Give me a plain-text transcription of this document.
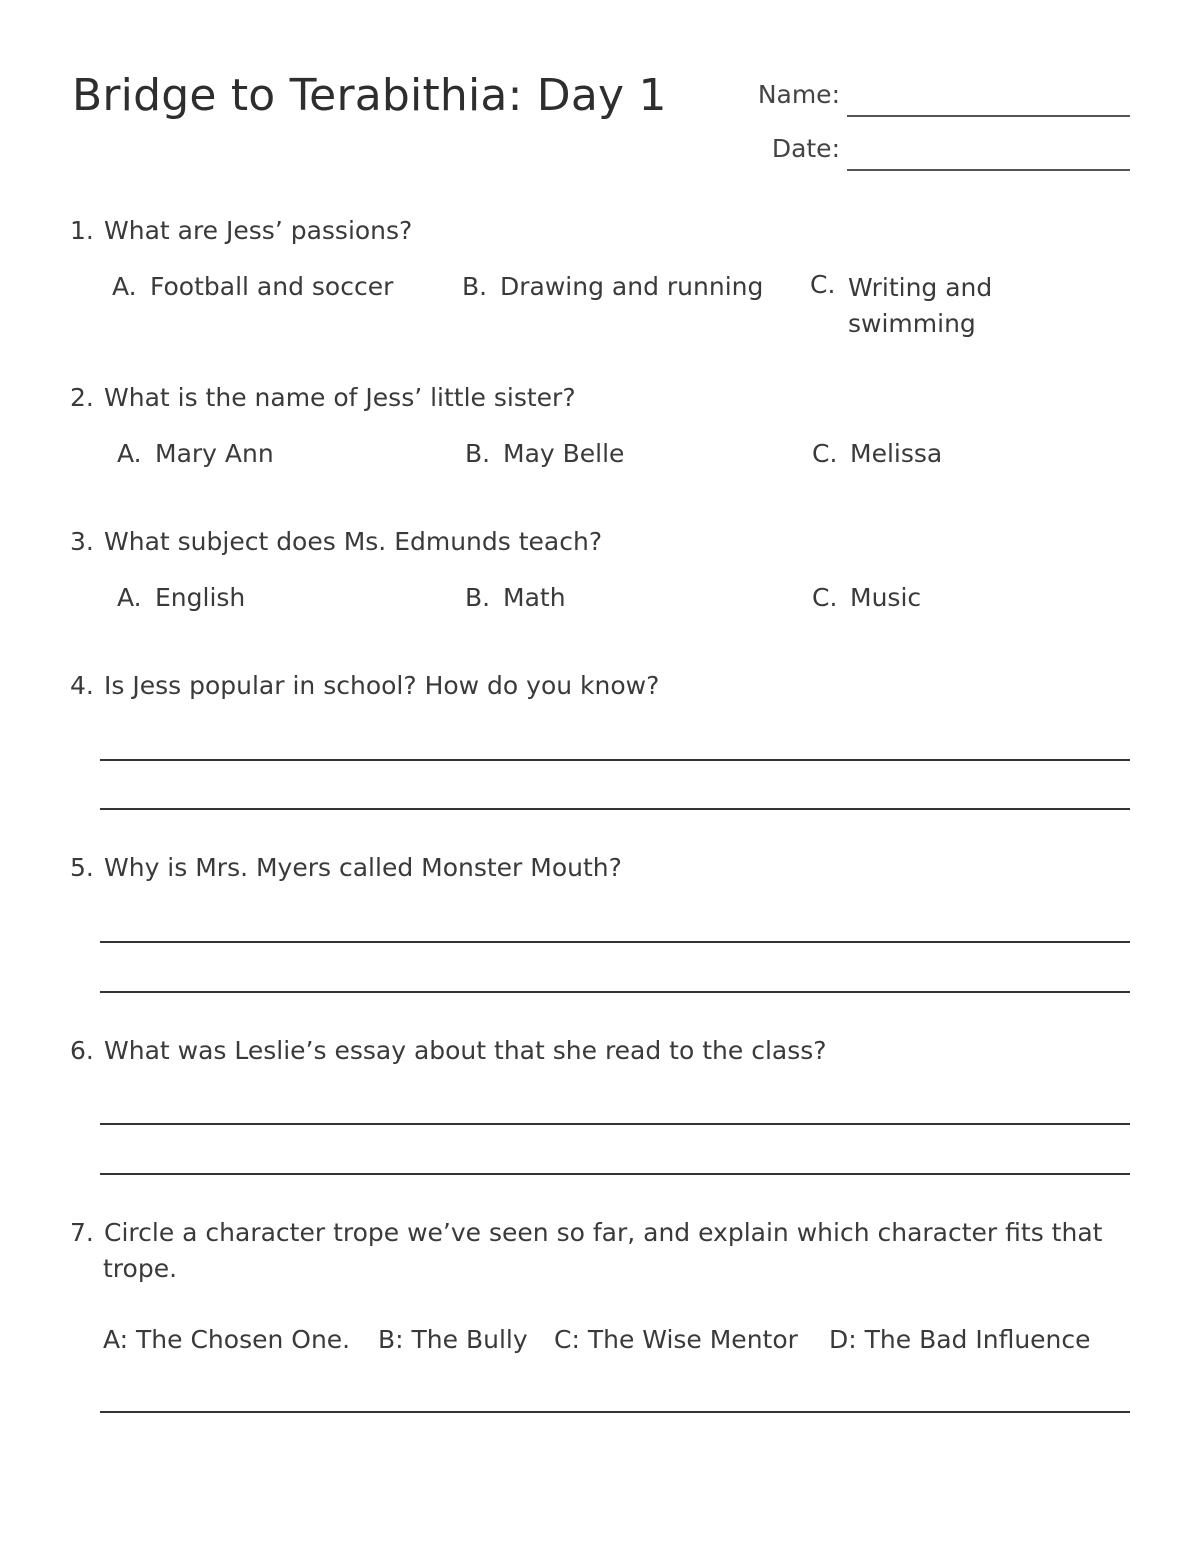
Bridge to Terabithia: Day 1	Name:
Date:
1. What are Jess’ passions?
A. Football and soccer	B. Drawing and running C. Writing and swimming
2. What is the name of Jess’ little sister?
A. Mary Ann	B. May Belle	C. Melissa
3. What subject does Ms. Edmunds teach?
A. English	B. Math	C. Music
4. Is Jess popular in school? How do you know?
5. Why is Mrs. Myers called Monster Mouth?
6. What was Leslie’s essay about that she read to the class?
7. Circle a character trope we’ve seen so far, and explain which character fits that
trope.
A: The Chosen One. B: The Bully C: The Wise Mentor D: The Bad Influence
